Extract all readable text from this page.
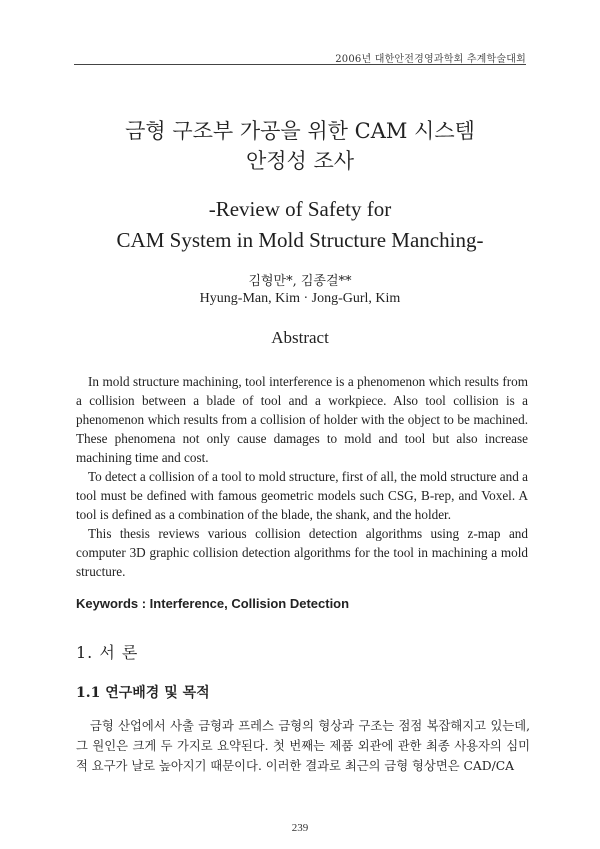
2006년 대한안전경영과학회 추계학술대회
금형 구조부 가공을 위한 CAM 시스템
안정성 조사
-Review of Safety for
CAM System in Mold Structure Manching-
김형만*, 김종걸**
Hyung-Man, Kim · Jong-Gurl, Kim
Abstract

In mold structure machining, tool interference is a phenomenon which results from a collision between a blade of tool and a workpiece. Also tool collision is a phenomenon which results from a collision of holder with the object to be machined. These phenomena not only cause damages to mold and tool but also increase machining time and cost.

To detect a collision of a tool to mold structure, first of all, the mold structure and a tool must be defined with famous geometric models such CSG, B-rep, and Voxel. A tool is defined as a combination of the blade, the shank, and the holder.

This thesis reviews various collision detection algorithms using z-map and computer 3D graphic collision detection algorithms for the tool in machining a mold structure.

Keywords : Interference, Collision Detection
1. 서 론
1.1 연구배경 및 목적

금형 산업에서 사출 금형과 프레스 금형의 형상과 구조는 점점 복잡해지고 있는데, 그 원인은 크게 두 가지로 요약된다. 첫 번째는 제품 외관에 관한 최종 사용자의 심미적 요구가 날로 높아지기 때문이다. 이러한 결과로 최근의 금형 형상면은 CAD/CA

239
